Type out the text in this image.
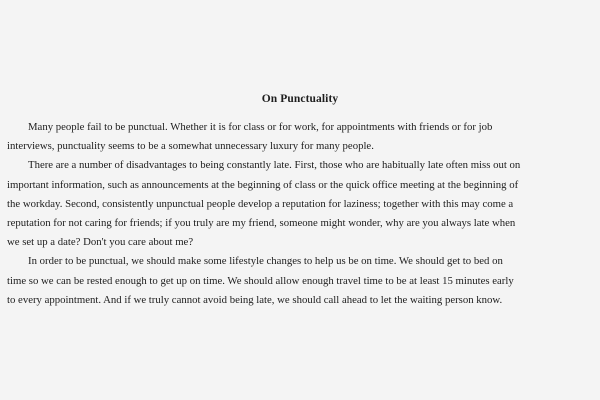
On Punctuality

Many people fail to be punctual. Whether it is for class or for work, for appointments with friends or for job
interviews, punctuality seems to be a somewhat unnecessary luxury for many people.

There are a number of disadvantages to being constantly late. First, those who are habitually late often miss out on
important information, such as announcements at the beginning of class or the quick office meeting at the beginning of
the workday. Second, consistently unpunctual people develop a reputation for laziness; together with this may come a
reputation for not caring for friends; if you truly are my friend, someone might wonder, why are you always late when
we set up a date? Don't you care about me?

In order to be punctual, we should make some lifestyle changes to help us be on time. We should get to bed on
time so we can be rested enough to get up on time. We should allow enough travel time to be at least 15 minutes early
to every appointment. And if we truly cannot avoid being late, we should call ahead to let the waiting person know.
